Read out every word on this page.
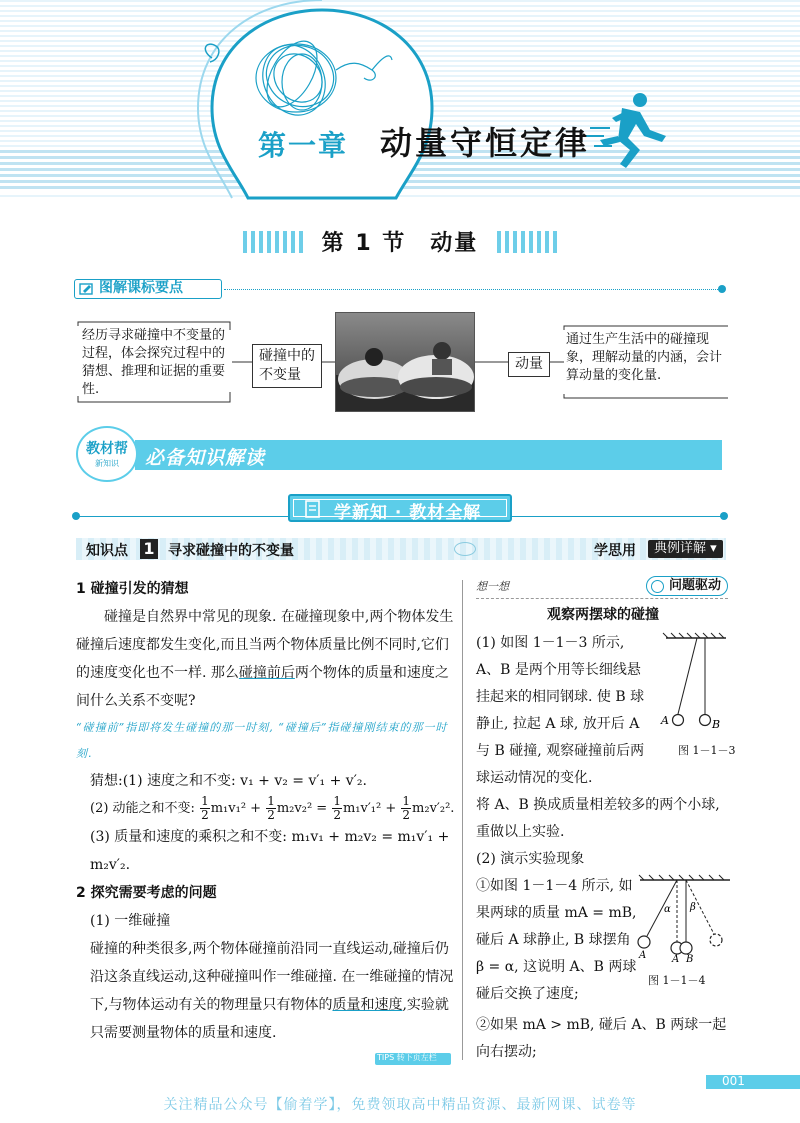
第一章 动量守恒定律
第 1 节　动量
图解课标要点
经历寻求碰撞中不变量的过程，体会探究过程中的猜想、推理和证据的重要性.
碰撞中的不变量
动量
通过生产生活中的碰撞现象，理解动量的内涵，会计算动量的变化量.
必备知识解读
教材帮
新知识
学新知 · 教材全解
知识点 1 寻求碰撞中的不变量	学思用	典例详解 ▾
1 碰撞引发的猜想
碰撞是自然界中常见的现象. 在碰撞现象中,两个物体发生碰撞后速度都发生变化,而且当两个物体质量比例不同时,它们的速度变化也不一样. 那么碰撞前后两个物体的质量和速度之间什么关系不变呢?
“碰撞前”指即将发生碰撞的那一时刻, “碰撞后”指碰撞刚结束的那一时刻.
猜想:(1) 速度之和不变: v₁ + v₂ = v′₁ + v′₂.
(2) 动能之和不变: $\frac{1}{2} m_1v_1^2 + \frac{1}{2} m_2v_2^2 = \frac{1}{2} m_1v'_1^2 + \frac{1}{2} m_2v'_2^2$.
(3) 质量和速度的乘积之和不变: m₁v₁ + m₂v₂ = m₁v′₁ + m₂v′₂.
2 探究需要考虑的问题
(1) 一维碰撞
碰撞的种类很多,两个物体碰撞前沿同一直线运动,碰撞后仍沿这条直线运动,这种碰撞叫作一维碰撞. 在一维碰撞的情况下,与物体运动有关的物理量只有物体的质量和速度,实验就只需要测量物体的质量和速度.
想一想	问题驱动
观察两摆球的碰撞
(1) 如图 1－1－3 所示, A、B 是两个用等长细线悬挂起来的相同钢球. 使 B 球静止, 拉起 A 球, 放开后 A 与 B 碰撞, 观察碰撞前后两球运动情况的变化.
A	B
α β
A	A B
图 1－1－3
将 A、B 换成质量相差较多的两个小球, 重做以上实验.
(2) 演示实验现象
①如图 1－1－4 所示, 如果两球的质量 mA = mB, 碰后 A 球静止, B 球摆角 β = α, 这说明 A、B 两球碰后交换了速度;
图 1－1－4
②如果 mA > mB, 碰后 A、B 两球一起向右摆动;
TIPS 转下页左栏
001
关注精品公众号【偷着学】，免费领取高中精品资源、最新网课、试卷等
